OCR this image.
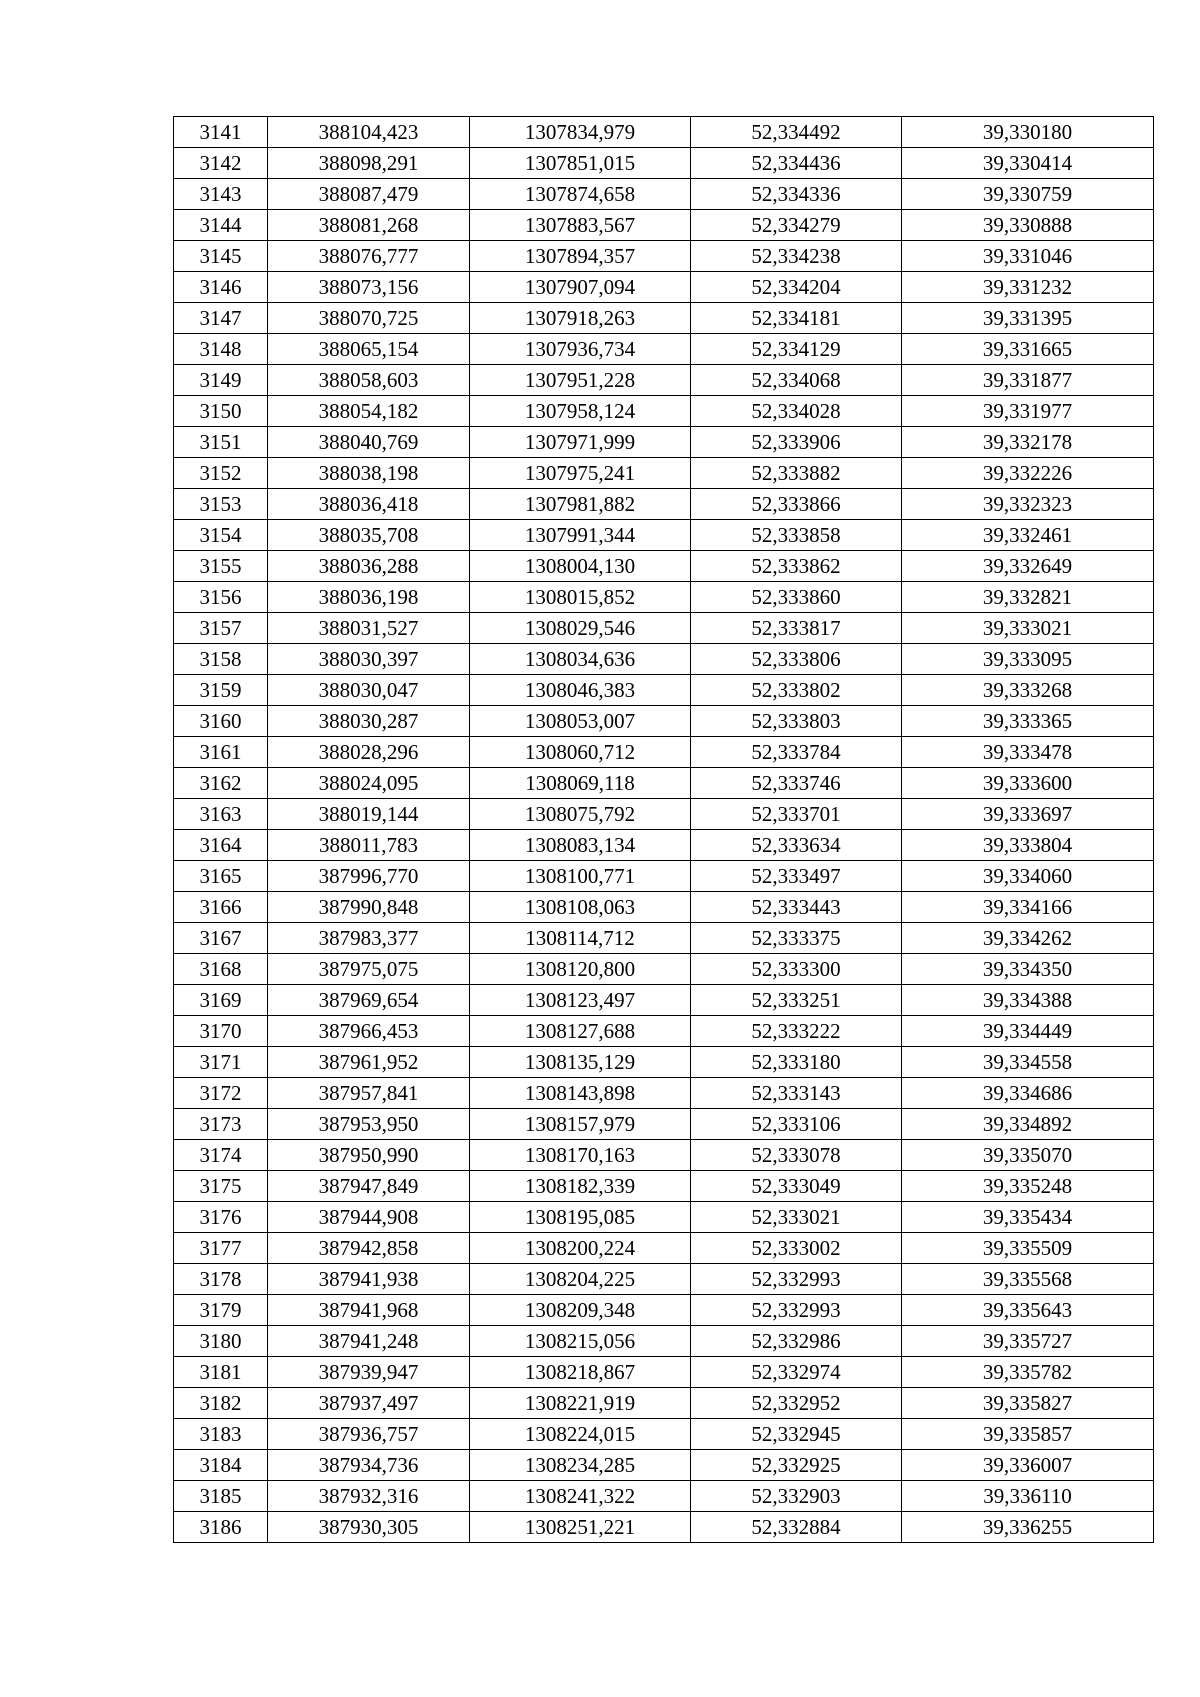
3141	388104,423	1307834,979	52,334492	39,330180
3142	388098,291	1307851,015	52,334436	39,330414
3143	388087,479	1307874,658	52,334336	39,330759
3144	388081,268	1307883,567	52,334279	39,330888
3145	388076,777	1307894,357	52,334238	39,331046
3146	388073,156	1307907,094	52,334204	39,331232
3147	388070,725	1307918,263	52,334181	39,331395
3148	388065,154	1307936,734	52,334129	39,331665
3149	388058,603	1307951,228	52,334068	39,331877
3150	388054,182	1307958,124	52,334028	39,331977
3151	388040,769	1307971,999	52,333906	39,332178
3152	388038,198	1307975,241	52,333882	39,332226
3153	388036,418	1307981,882	52,333866	39,332323
3154	388035,708	1307991,344	52,333858	39,332461
3155	388036,288	1308004,130	52,333862	39,332649
3156	388036,198	1308015,852	52,333860	39,332821
3157	388031,527	1308029,546	52,333817	39,333021
3158	388030,397	1308034,636	52,333806	39,333095
3159	388030,047	1308046,383	52,333802	39,333268
3160	388030,287	1308053,007	52,333803	39,333365
3161	388028,296	1308060,712	52,333784	39,333478
3162	388024,095	1308069,118	52,333746	39,333600
3163	388019,144	1308075,792	52,333701	39,333697
3164	388011,783	1308083,134	52,333634	39,333804
3165	387996,770	1308100,771	52,333497	39,334060
3166	387990,848	1308108,063	52,333443	39,334166
3167	387983,377	1308114,712	52,333375	39,334262
3168	387975,075	1308120,800	52,333300	39,334350
3169	387969,654	1308123,497	52,333251	39,334388
3170	387966,453	1308127,688	52,333222	39,334449
3171	387961,952	1308135,129	52,333180	39,334558
3172	387957,841	1308143,898	52,333143	39,334686
3173	387953,950	1308157,979	52,333106	39,334892
3174	387950,990	1308170,163	52,333078	39,335070
3175	387947,849	1308182,339	52,333049	39,335248
3176	387944,908	1308195,085	52,333021	39,335434
3177	387942,858	1308200,224	52,333002	39,335509
3178	387941,938	1308204,225	52,332993	39,335568
3179	387941,968	1308209,348	52,332993	39,335643
3180	387941,248	1308215,056	52,332986	39,335727
3181	387939,947	1308218,867	52,332974	39,335782
3182	387937,497	1308221,919	52,332952	39,335827
3183	387936,757	1308224,015	52,332945	39,335857
3184	387934,736	1308234,285	52,332925	39,336007
3185	387932,316	1308241,322	52,332903	39,336110
3186	387930,305	1308251,221	52,332884	39,336255
